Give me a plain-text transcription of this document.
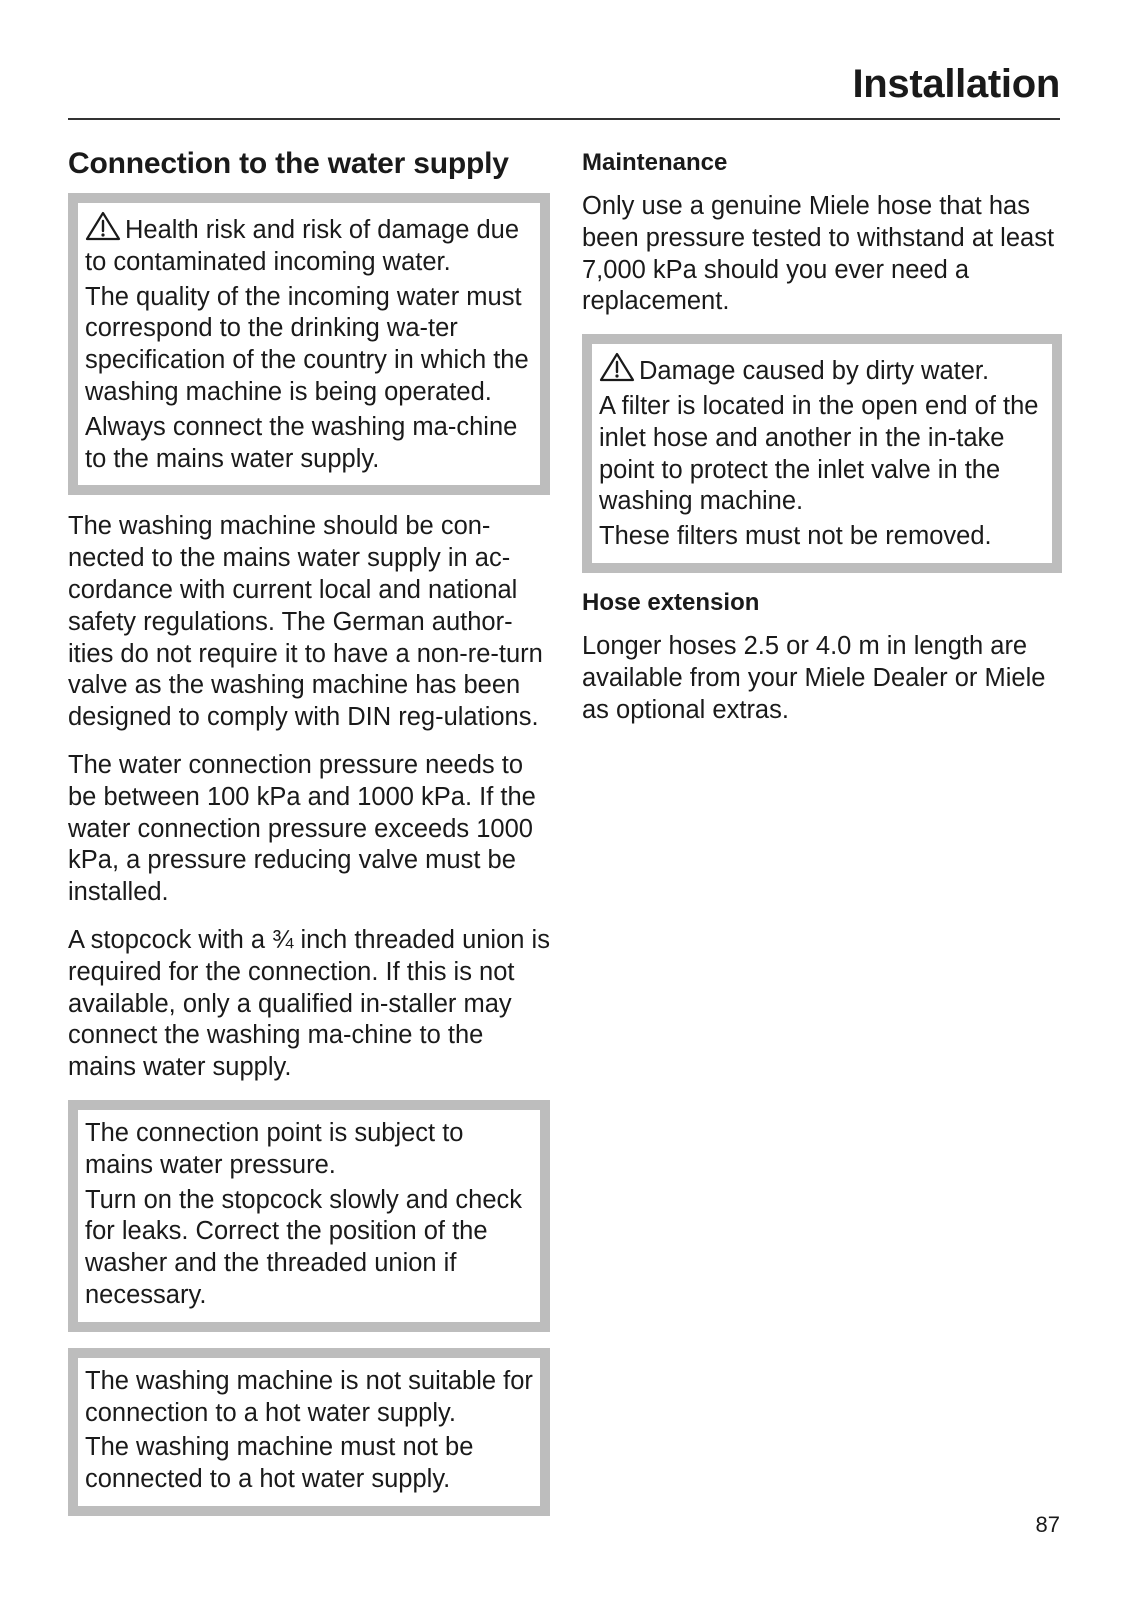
Installation
Connection to the water supply

Health risk and risk of damage due to contaminated incoming water.

The quality of the incoming water must correspond to the drinking wa-ter specification of the country in which the washing machine is being operated.

Always connect the washing ma-chine to the mains water supply.

The washing machine should be con-nected to the mains water supply in ac-cordance with current local and national safety regulations. The German author-ities do not require it to have a non-re-turn valve as the washing machine has been designed to comply with DIN reg-ulations.

The water connection pressure needs to be between 100 kPa and 1000 kPa. If the water connection pressure exceeds 1000 kPa, a pressure reducing valve must be installed.

A stopcock with a ¾ inch threaded union is required for the connection. If this is not available, only a qualified in-staller may connect the washing ma-chine to the mains water supply.

The connection point is subject to mains water pressure.

Turn on the stopcock slowly and check for leaks. Correct the position of the washer and the threaded union if necessary.

The washing machine is not suitable for connection to a hot water supply.

The washing machine must not be connected to a hot water supply.

Maintenance

Only use a genuine Miele hose that has been pressure tested to withstand at least 7,000 kPa should you ever need a replacement.

Damage caused by dirty water.

A filter is located in the open end of the inlet hose and another in the in-take point to protect the inlet valve in the washing machine.

These filters must not be removed.

Hose extension

Longer hoses 2.5 or 4.0 m in length are available from your Miele Dealer or Miele as optional extras.

87
